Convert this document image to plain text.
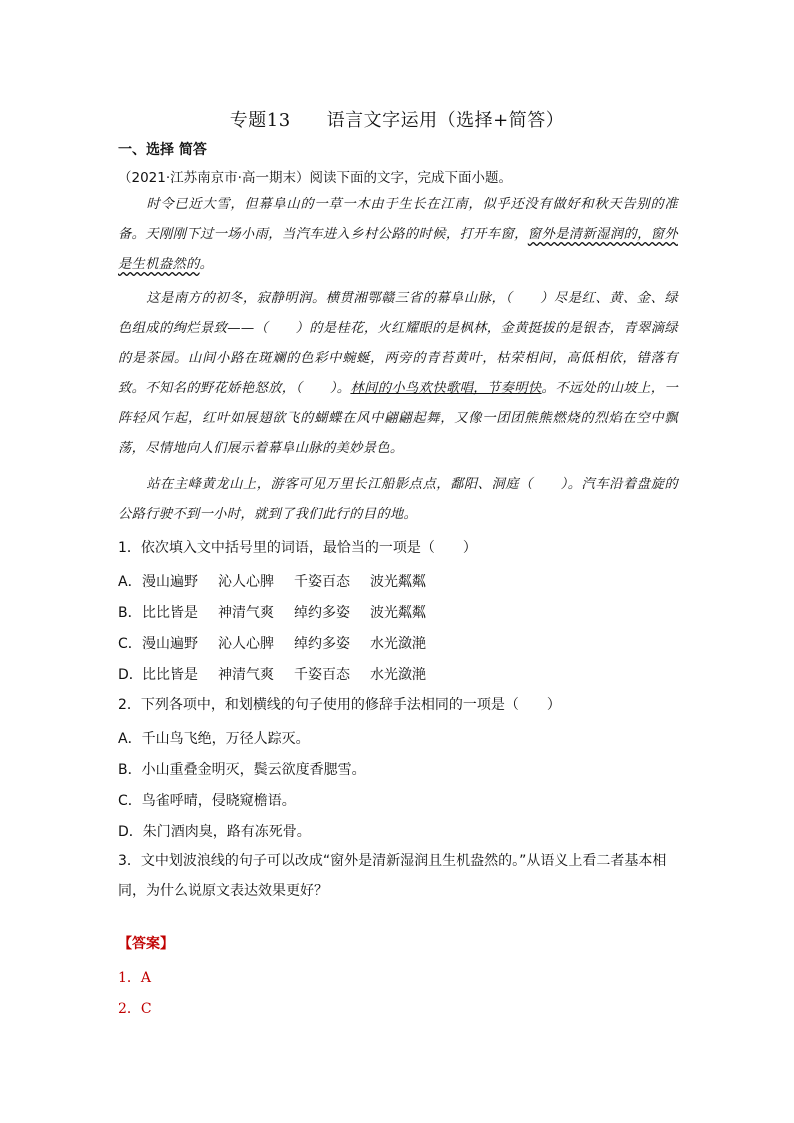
专题13 语言文字运用（选择+简答）
一、选择 简答
（2021·江苏南京市·高一期末）阅读下面的文字，完成下面小题。
时令已近大雪，但幕阜山的一草一木由于生长在江南，似乎还没有做好和秋天告别的准备。天刚刚下过一场小雨，当汽车进入乡村公路的时候，打开车窗，窗外是清新湿润的，窗外是生机盎然的。
这是南方的初冬，寂静明润。横贯湘鄂赣三省的幕阜山脉，（　　）尽是红、黄、金、绿色组成的绚烂景致——（　　）的是桂花，火红耀眼的是枫林，金黄挺拔的是银杏，青翠滴绿的是茶园。山间小路在斑斓的色彩中蜿蜒，两旁的青苔黄叶，枯荣相间，高低相依，错落有致。不知名的野花娇艳怒放，（　　）。林间的小鸟欢快歌唱，节奏明快。不远处的山坡上，一阵轻风乍起，红叶如展翅欲飞的蝴蝶在风中翩翩起舞，又像一团团熊熊燃烧的烈焰在空中飘荡，尽情地向人们展示着幕阜山脉的美妙景色。
站在主峰黄龙山上，游客可见万里长江船影点点，鄱阳、洞庭（　　）。汽车沿着盘旋的公路行驶不到一小时，就到了我们此行的目的地。
1．依次填入文中括号里的词语，最恰当的一项是（　　）
A．漫山遍野 沁人心脾 千姿百态 波光粼粼
B．比比皆是 神清气爽 绰约多姿 波光粼粼
C．漫山遍野 沁人心脾 绰约多姿 水光潋滟
D．比比皆是 神清气爽 千姿百态 水光潋滟
2．下列各项中，和划横线的句子使用的修辞手法相同的一项是（　　）
A．千山鸟飞绝，万径人踪灭。
B．小山重叠金明灭，鬓云欲度香腮雪。
C．鸟雀呼晴，侵晓窥檐语。
D．朱门酒肉臭，路有冻死骨。
3．文中划波浪线的句子可以改成“窗外是清新湿润且生机盎然的。”从语义上看二者基本相同，为什么说原文表达效果更好？
【答案】
1．A
2．C
